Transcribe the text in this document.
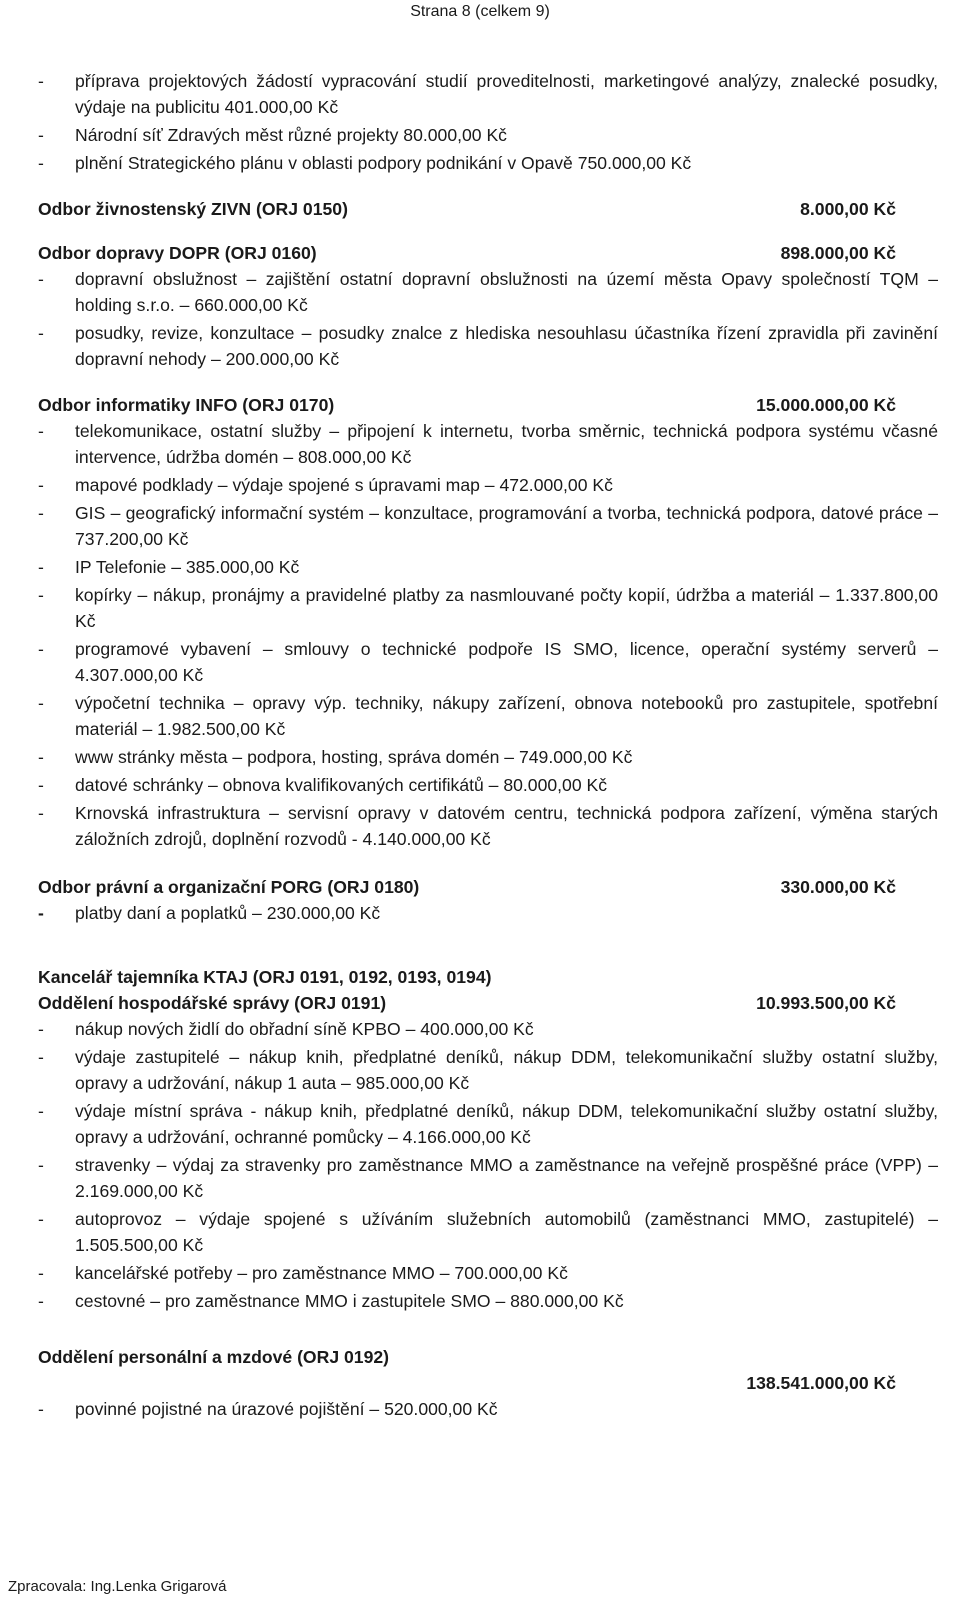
Strana 8 (celkem 9)
- příprava projektových žádostí vypracování studií proveditelnosti, marketingové analýzy, znalecké posudky, výdaje na publicitu 401.000,00 Kč
- Národní síť Zdravých měst různé projekty 80.000,00 Kč
- plnění Strategického plánu v oblasti podpory podnikání v Opavě 750.000,00 Kč
Odbor živnostenský ZIVN (ORJ 0150)	8.000,00 Kč
Odbor dopravy DOPR (ORJ 0160)	898.000,00 Kč
- dopravní obslužnost – zajištění ostatní dopravní obslužnosti na území města Opavy společností TQM – holding s.r.o. – 660.000,00 Kč
- posudky, revize, konzultace – posudky znalce z hlediska nesouhlasu účastníka řízení zpravidla při zavinění dopravní nehody – 200.000,00 Kč
Odbor informatiky INFO (ORJ 0170)	15.000.000,00 Kč
- telekomunikace, ostatní služby – připojení k internetu, tvorba směrnic, technická podpora systému včasné intervence, údržba domén – 808.000,00 Kč
- mapové podklady – výdaje spojené s úpravami map – 472.000,00 Kč
- GIS – geografický informační systém – konzultace, programování a tvorba, technická podpora, datové práce – 737.200,00 Kč
- IP Telefonie – 385.000,00 Kč
- kopírky – nákup, pronájmy a pravidelné platby za nasmlouvané počty kopií, údržba a materiál – 1.337.800,00 Kč
- programové vybavení – smlouvy o technické podpoře IS SMO, licence, operační systémy serverů – 4.307.000,00 Kč
- výpočetní technika – opravy výp. techniky, nákupy zařízení, obnova notebooků pro zastupitele, spotřební materiál – 1.982.500,00 Kč
- www stránky města – podpora, hosting, správa domén – 749.000,00 Kč
- datové schránky – obnova kvalifikovaných certifikátů – 80.000,00 Kč
- Krnovská infrastruktura – servisní opravy v datovém centru, technická podpora zařízení, výměna starých záložních zdrojů, doplnění rozvodů - 4.140.000,00 Kč
Odbor právní a organizační PORG (ORJ 0180)	330.000,00 Kč
- platby daní a poplatků – 230.000,00 Kč
Kancelář tajemníka KTAJ (ORJ 0191, 0192, 0193, 0194)
Oddělení hospodářské správy (ORJ 0191)	10.993.500,00 Kč
- nákup nových židlí do obřadní síně KPBO – 400.000,00 Kč
- výdaje zastupitelé – nákup knih, předplatné deníků, nákup DDM, telekomunikační služby ostatní služby, opravy a udržování, nákup 1 auta – 985.000,00 Kč
- výdaje místní správa - nákup knih, předplatné deníků, nákup DDM, telekomunikační služby ostatní služby, opravy a udržování, ochranné pomůcky – 4.166.000,00 Kč
- stravenky – výdaj za stravenky pro zaměstnance MMO a zaměstnance na veřejně prospěšné práce (VPP) – 2.169.000,00 Kč
- autoprovoz – výdaje spojené s užíváním služebních automobilů (zaměstnanci MMO, zastupitelé) – 1.505.500,00 Kč
- kancelářské potřeby – pro zaměstnance MMO – 700.000,00 Kč
- cestovné – pro zaměstnance MMO i zastupitele SMO – 880.000,00 Kč
Oddělení personální a mzdové (ORJ 0192)
138.541.000,00 Kč
- povinné pojistné na úrazové pojištění – 520.000,00 Kč
Zpracovala: Ing.Lenka Grigarová
